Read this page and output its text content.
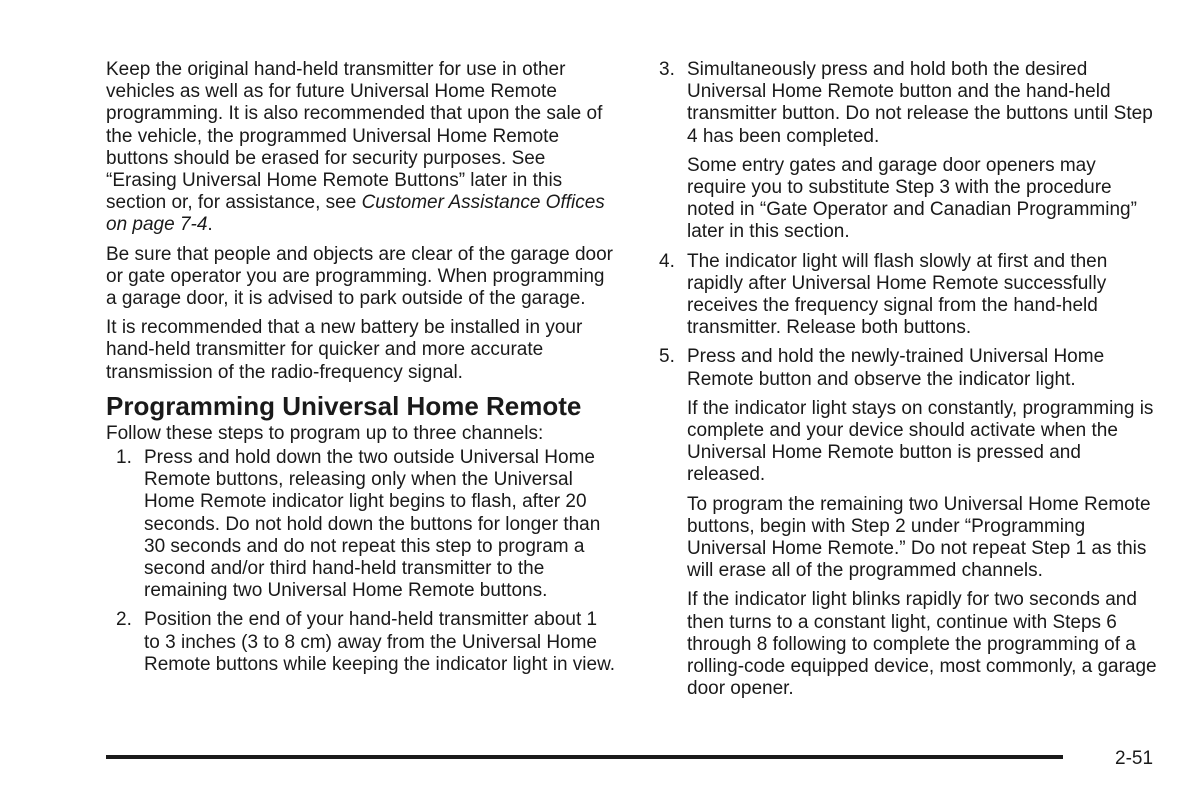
Keep the original hand-held transmitter for use in other vehicles as well as for future Universal Home Remote programming. It is also recommended that upon the sale of the vehicle, the programmed Universal Home Remote buttons should be erased for security purposes. See “Erasing Universal Home Remote Buttons” later in this section or, for assistance, see Customer Assistance Offices on page 7-4.

Be sure that people and objects are clear of the garage door or gate operator you are programming. When programming a garage door, it is advised to park outside of the garage.

It is recommended that a new battery be installed in your hand-held transmitter for quicker and more accurate transmission of the radio-frequency signal.

Programming Universal Home Remote

Follow these steps to program up to three channels:

1. Press and hold down the two outside Universal Home Remote buttons, releasing only when the Universal Home Remote indicator light begins to flash, after 20 seconds. Do not hold down the buttons for longer than 30 seconds and do not repeat this step to program a second and/or third hand-held transmitter to the remaining two Universal Home Remote buttons.
2. Position the end of your hand-held transmitter about 1 to 3 inches (3 to 8 cm) away from the Universal Home Remote buttons while keeping the indicator light in view.
3. Simultaneously press and hold both the desired Universal Home Remote button and the hand-held transmitter button. Do not release the buttons until Step 4 has been completed.

Some entry gates and garage door openers may require you to substitute Step 3 with the procedure noted in “Gate Operator and Canadian Programming” later in this section.

4. The indicator light will flash slowly at first and then rapidly after Universal Home Remote successfully receives the frequency signal from the hand-held transmitter. Release both buttons.
5. Press and hold the newly-trained Universal Home Remote button and observe the indicator light.

If the indicator light stays on constantly, programming is complete and your device should activate when the Universal Home Remote button is pressed and released.

To program the remaining two Universal Home Remote buttons, begin with Step 2 under “Programming Universal Home Remote.” Do not repeat Step 1 as this will erase all of the programmed channels.

If the indicator light blinks rapidly for two seconds and then turns to a constant light, continue with Steps 6 through 8 following to complete the programming of a rolling-code equipped device, most commonly, a garage door opener.

2-51
